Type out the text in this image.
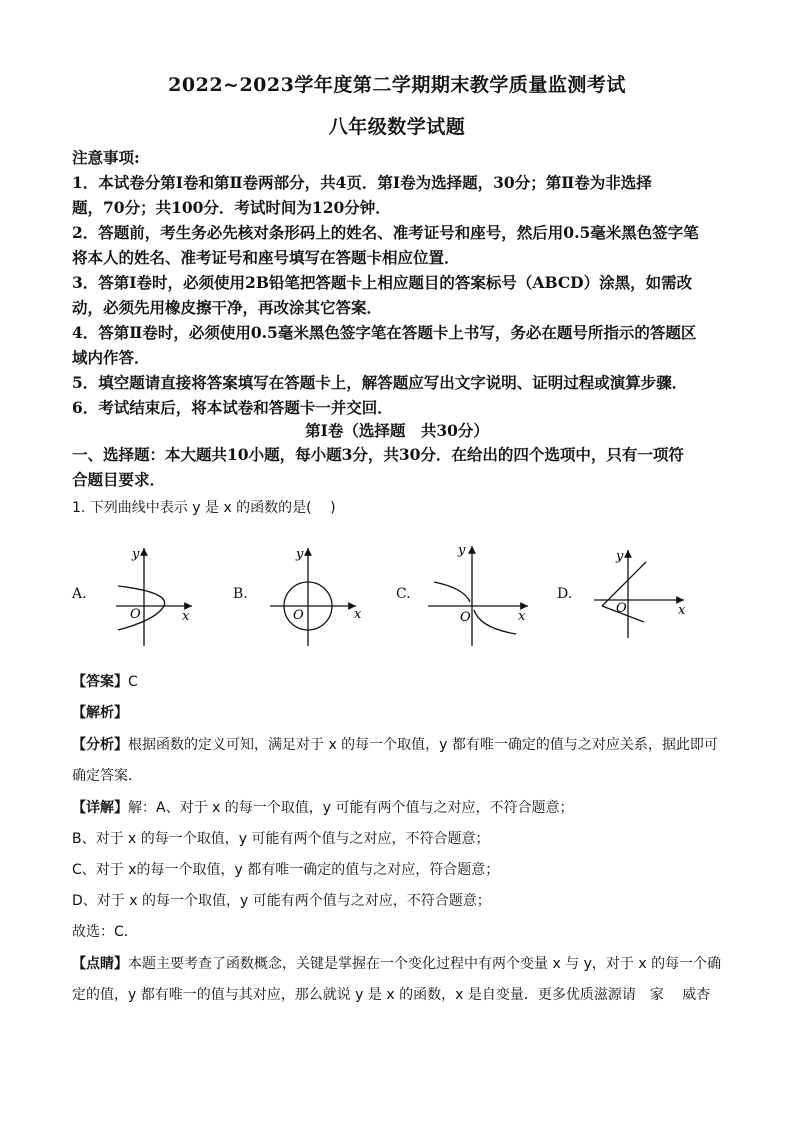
2022~2023学年度第二学期期末教学质量监测考试
八年级数学试题
注意事项:
1．本试卷分第Ⅰ卷和第Ⅱ卷两部分，共4页．第Ⅰ卷为选择题，30分；第Ⅱ卷为非选择
题，70分；共100分．考试时间为120分钟．
2．答题前，考生务必先核对条形码上的姓名、准考证号和座号，然后用0.5毫米黑色签字笔
将本人的姓名、准考证号和座号填写在答题卡相应位置．
3．答第Ⅰ卷时，必须使用2B铅笔把答题卡上相应题目的答案标号（ABCD）涂黑，如需改
动，必须先用橡皮擦干净，再改涂其它答案．
4．答第Ⅱ卷时，必须使用0.5毫米黑色签字笔在答题卡上书写，务必在题号所指示的答题区
域内作答．
5．填空题请直接将答案填写在答题卡上，解答题应写出文字说明、证明过程或演算步骤．
6．考试结束后，将本试卷和答题卡一并交回．
第Ⅰ卷（选择题　共30分）
一、选择题：本大题共10小题，每小题3分，共30分．在给出的四个选项中，只有一项符
合题目要求．
1. 下列曲线中表示 y 是 x 的函数的是(　 )
A.
y
x
O
B.
y
x
O
C.
y
x
O
D.
y
x
O
【答案】C
【解析】
【分析】根据函数的定义可知，满足对于 x 的每一个取值，y 都有唯一确定的值与之对应关系，据此即可
确定答案．
【详解】解：A、对于 x 的每一个取值，y 可能有两个值与之对应，不符合题意；
B、对于 x 的每一个取值，y 可能有两个值与之对应，不符合题意；
C、对于 x的每一个取值，y 都有唯一确定的值与之对应，符合题意；
D、对于 x 的每一个取值，y 可能有两个值与之对应，不符合题意；
故选：C．
【点睛】本题主要考查了函数概念，关键是掌握在一个变化过程中有两个变量 x 与 y，对于 x 的每一个确
定的值，y 都有唯一的值与其对应，那么就说 y 是 x 的函数，x 是自变量．更多优质滋源请　家　 威杏
